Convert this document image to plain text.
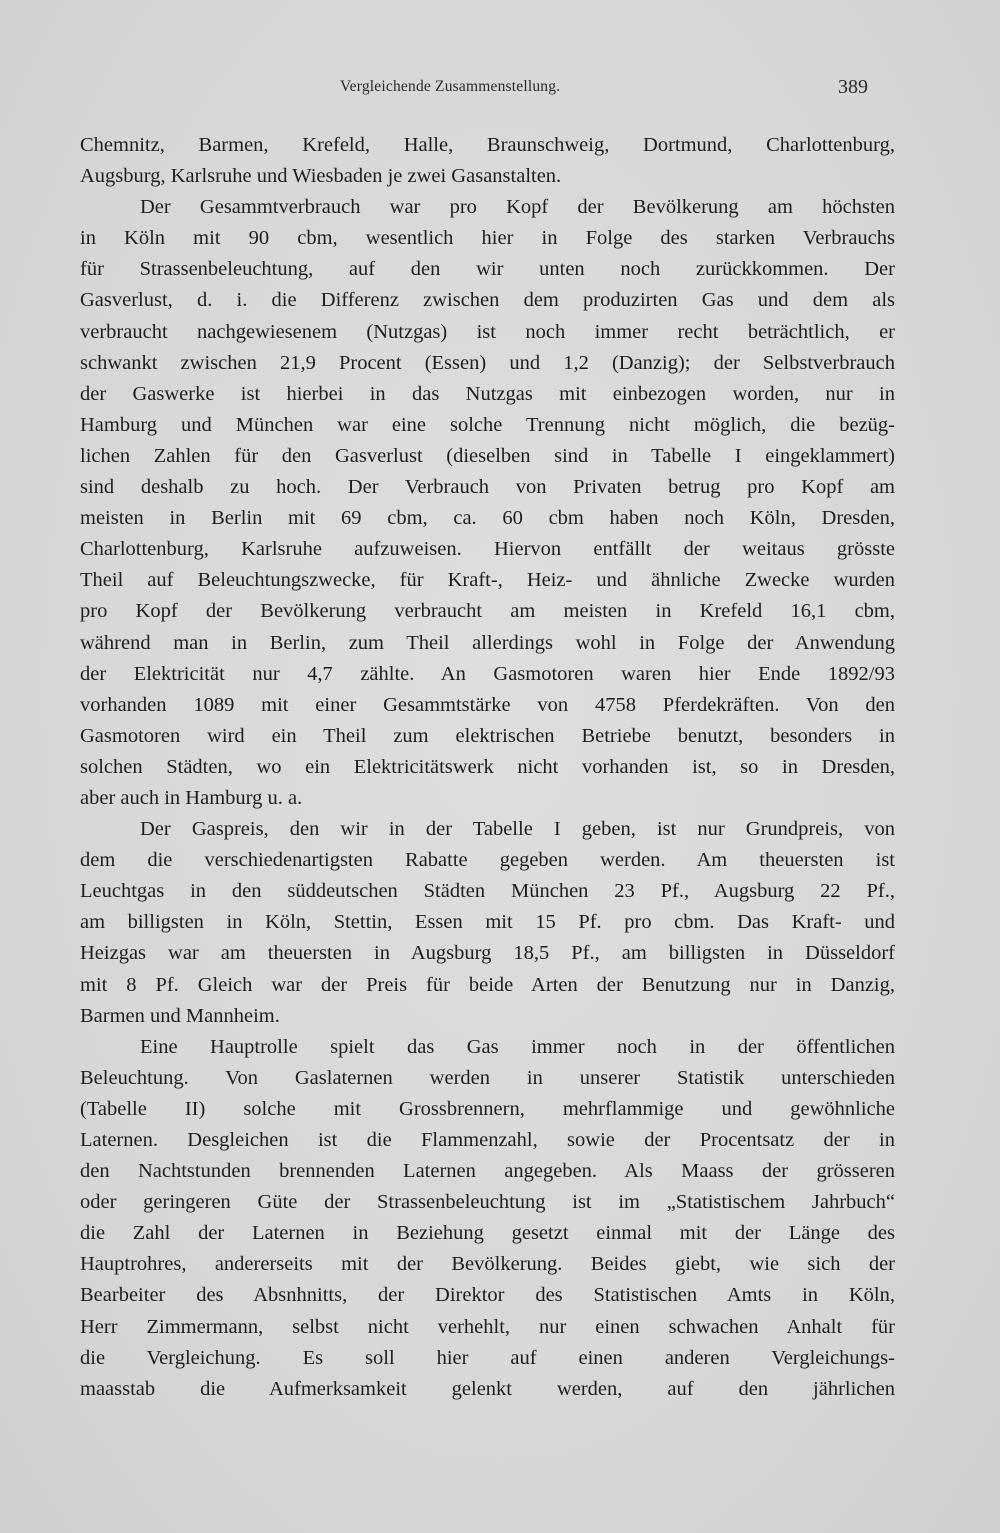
Vergleichende Zusammenstellung.	389
Chemnitz, Barmen, Krefeld, Halle, Braunschweig, Dortmund, Charlottenburg,
Augsburg, Karlsruhe und Wiesbaden je zwei Gasanstalten.
Der Gesammtverbrauch war pro Kopf der Bevölkerung am höchsten
in Köln mit 90 cbm, wesentlich hier in Folge des starken Verbrauchs
für Strassenbeleuchtung, auf den wir unten noch zurückkommen. Der
Gasverlust, d. i. die Differenz zwischen dem produzirten Gas und dem als
verbraucht nachgewiesenem (Nutzgas) ist noch immer recht beträchtlich, er
schwankt zwischen 21,9 Procent (Essen) und 1,2 (Danzig); der Selbstverbrauch
der Gaswerke ist hierbei in das Nutzgas mit einbezogen worden, nur in
Hamburg und München war eine solche Trennung nicht möglich, die bezüg-
lichen Zahlen für den Gasverlust (dieselben sind in Tabelle I eingeklammert)
sind deshalb zu hoch. Der Verbrauch von Privaten betrug pro Kopf am
meisten in Berlin mit 69 cbm, ca. 60 cbm haben noch Köln, Dresden,
Charlottenburg, Karlsruhe aufzuweisen. Hiervon entfällt der weitaus grösste
Theil auf Beleuchtungszwecke, für Kraft-, Heiz- und ähnliche Zwecke wurden
pro Kopf der Bevölkerung verbraucht am meisten in Krefeld 16,1 cbm,
während man in Berlin, zum Theil allerdings wohl in Folge der Anwendung
der Elektricität nur 4,7 zählte. An Gasmotoren waren hier Ende 1892/93
vorhanden 1089 mit einer Gesammtstärke von 4758 Pferdekräften. Von den
Gasmotoren wird ein Theil zum elektrischen Betriebe benutzt, besonders in
solchen Städten, wo ein Elektricitätswerk nicht vorhanden ist, so in Dresden,
aber auch in Hamburg u. a.
Der Gaspreis, den wir in der Tabelle I geben, ist nur Grundpreis, von
dem die verschiedenartigsten Rabatte gegeben werden. Am theuersten ist
Leuchtgas in den süddeutschen Städten München 23 Pf., Augsburg 22 Pf.,
am billigsten in Köln, Stettin, Essen mit 15 Pf. pro cbm. Das Kraft- und
Heizgas war am theuersten in Augsburg 18,5 Pf., am billigsten in Düsseldorf
mit 8 Pf. Gleich war der Preis für beide Arten der Benutzung nur in Danzig,
Barmen und Mannheim.
Eine Hauptrolle spielt das Gas immer noch in der öffentlichen
Beleuchtung. Von Gaslaternen werden in unserer Statistik unterschieden
(Tabelle II) solche mit Grossbrennern, mehrflammige und gewöhnliche
Laternen. Desgleichen ist die Flammenzahl, sowie der Procentsatz der in
den Nachtstunden brennenden Laternen angegeben. Als Maass der grösseren
oder geringeren Güte der Strassenbeleuchtung ist im „Statistischem Jahrbuch“
die Zahl der Laternen in Beziehung gesetzt einmal mit der Länge des
Hauptrohres, andererseits mit der Bevölkerung. Beides giebt, wie sich der
Bearbeiter des Absnhnitts, der Direktor des Statistischen Amts in Köln,
Herr Zimmermann, selbst nicht verhehlt, nur einen schwachen Anhalt für
die Vergleichung. Es soll hier auf einen anderen Vergleichungs-
maasstab die Aufmerksamkeit gelenkt werden, auf den jährlichen
